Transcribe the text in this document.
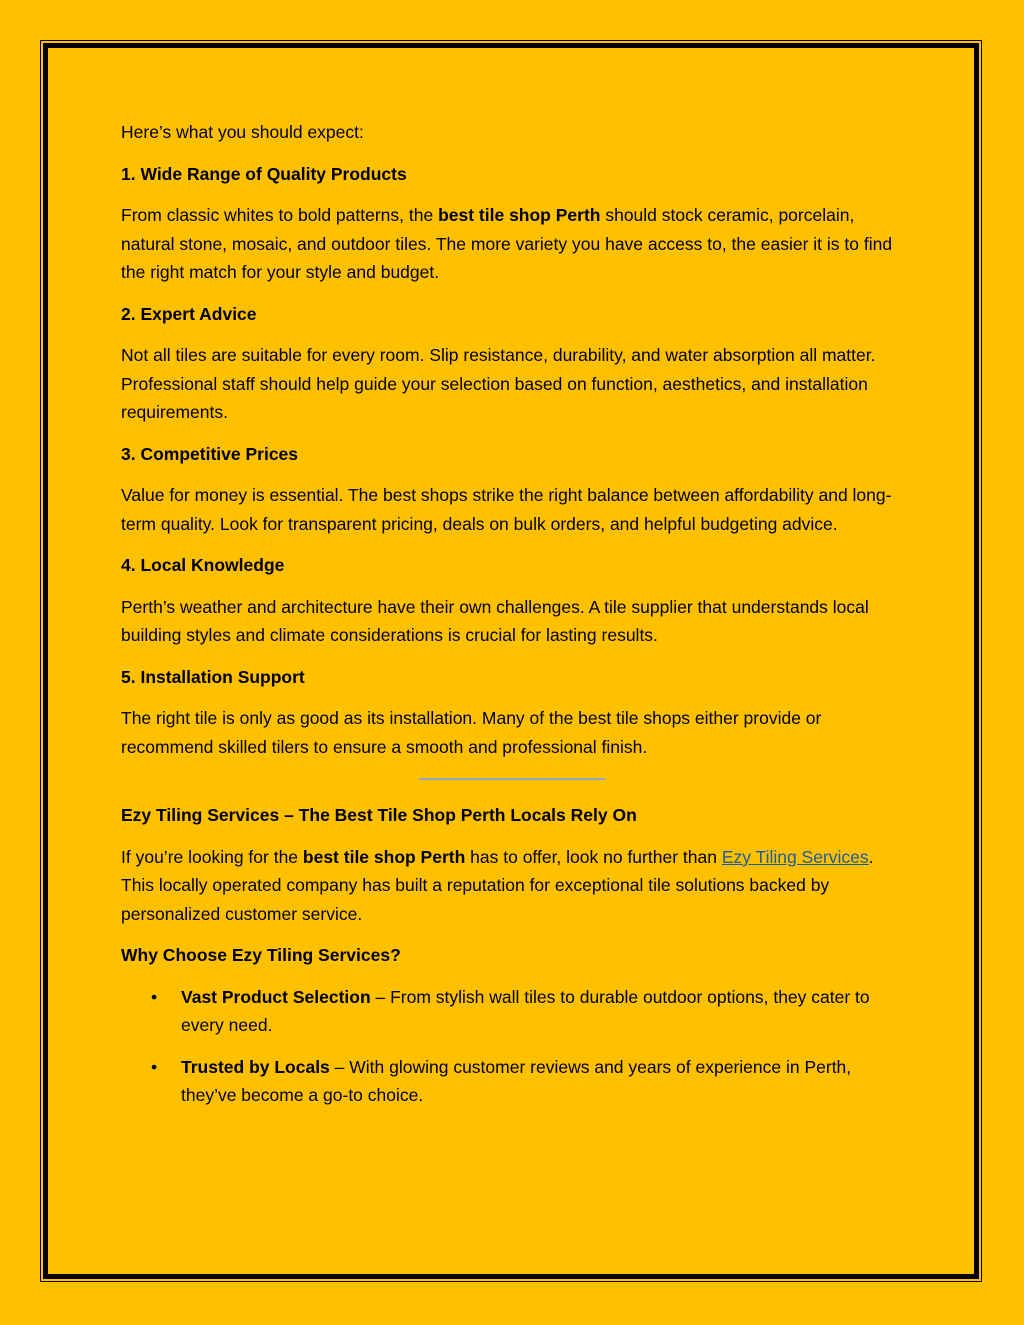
Here’s what you should expect:

1. Wide Range of Quality Products

From classic whites to bold patterns, the best tile shop Perth should stock ceramic, porcelain, natural stone, mosaic, and outdoor tiles. The more variety you have access to, the easier it is to find the right match for your style and budget.

2. Expert Advice

Not all tiles are suitable for every room. Slip resistance, durability, and water absorption all matter. Professional staff should help guide your selection based on function, aesthetics, and installation requirements.

3. Competitive Prices

Value for money is essential. The best shops strike the right balance between affordability and long-term quality. Look for transparent pricing, deals on bulk orders, and helpful budgeting advice.

4. Local Knowledge

Perth’s weather and architecture have their own challenges. A tile supplier that understands local building styles and climate considerations is crucial for lasting results.

5. Installation Support

The right tile is only as good as its installation. Many of the best tile shops either provide or recommend skilled tilers to ensure a smooth and professional finish.

Ezy Tiling Services – The Best Tile Shop Perth Locals Rely On

If you’re looking for the best tile shop Perth has to offer, look no further than Ezy Tiling Services. This locally operated company has built a reputation for exceptional tile solutions backed by personalized customer service.

Why Choose Ezy Tiling Services?

• Vast Product Selection – From stylish wall tiles to durable outdoor options, they cater to every need.
• Trusted by Locals – With glowing customer reviews and years of experience in Perth, they’ve become a go-to choice.
